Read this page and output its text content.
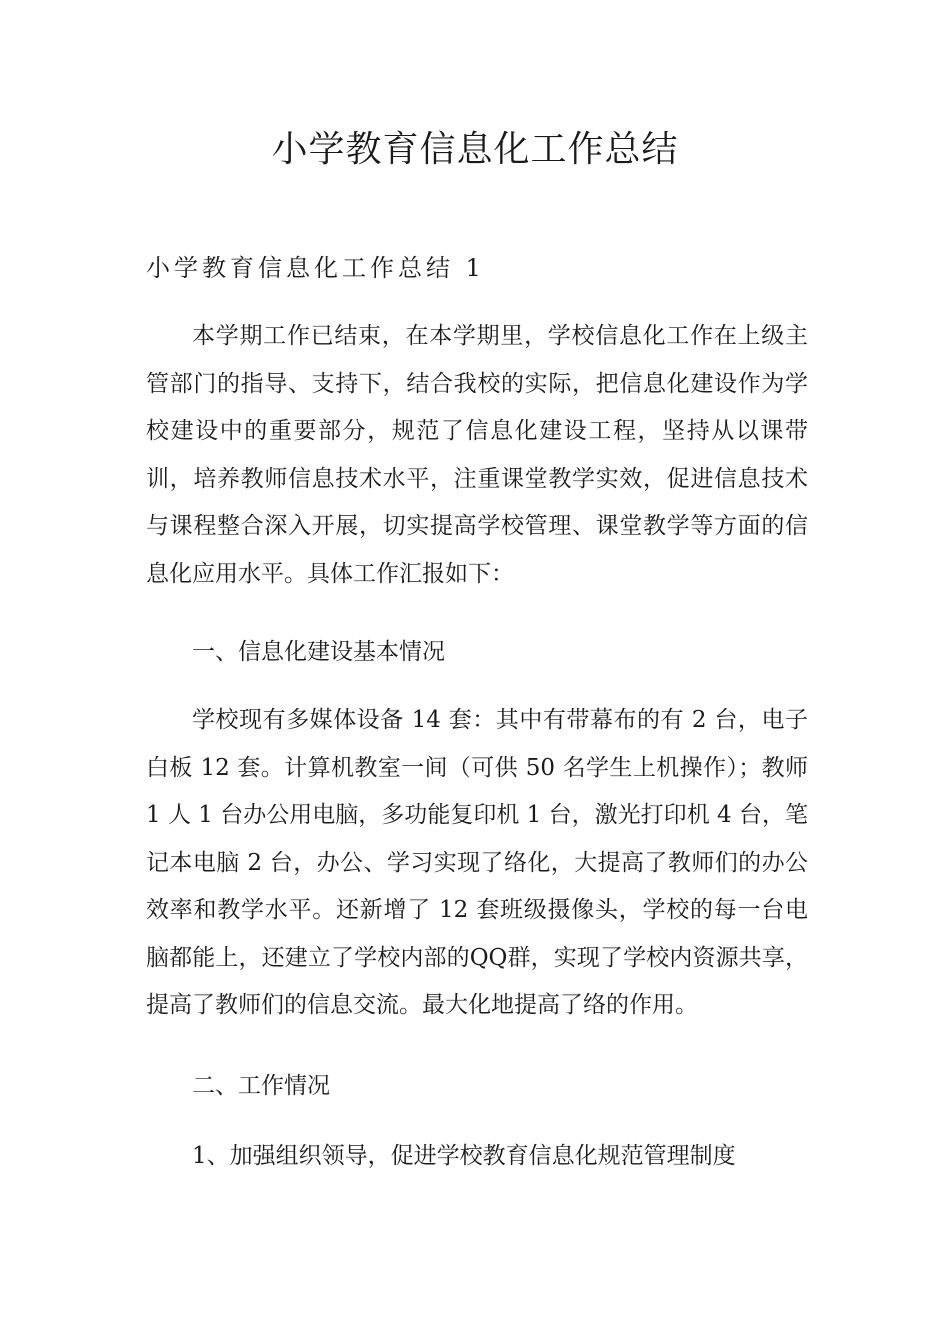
小学教育信息化工作总结
小学教育信息化工作总结 1

本学期工作已结束，在本学期里，学校信息化工作在上级主管部门的指导、支持下，结合我校的实际，把信息化建设作为学校建设中的重要部分，规范了信息化建设工程，坚持从以课带训，培养教师信息技术水平，注重课堂教学实效，促进信息技术与课程整合深入开展，切实提高学校管理、课堂教学等方面的信息化应用水平。具体工作汇报如下：

一、信息化建设基本情况

学校现有多媒体设备 14 套：其中有带幕布的有 2 台，电子白板 12 套。计算机教室一间（可供 50 名学生上机操作）；教师 1 人 1 台办公用电脑，多功能复印机 1 台，激光打印机 4 台，笔记本电脑 2 台，办公、学习实现了络化，大提高了教师们的办公效率和教学水平。还新增了 12 套班级摄像头，学校的每一台电脑都能上，还建立了学校内部的QQ群，实现了学校内资源共享，提高了教师们的信息交流。最大化地提高了络的作用。

二、工作情况

1、加强组织领导，促进学校教育信息化规范管理制度
